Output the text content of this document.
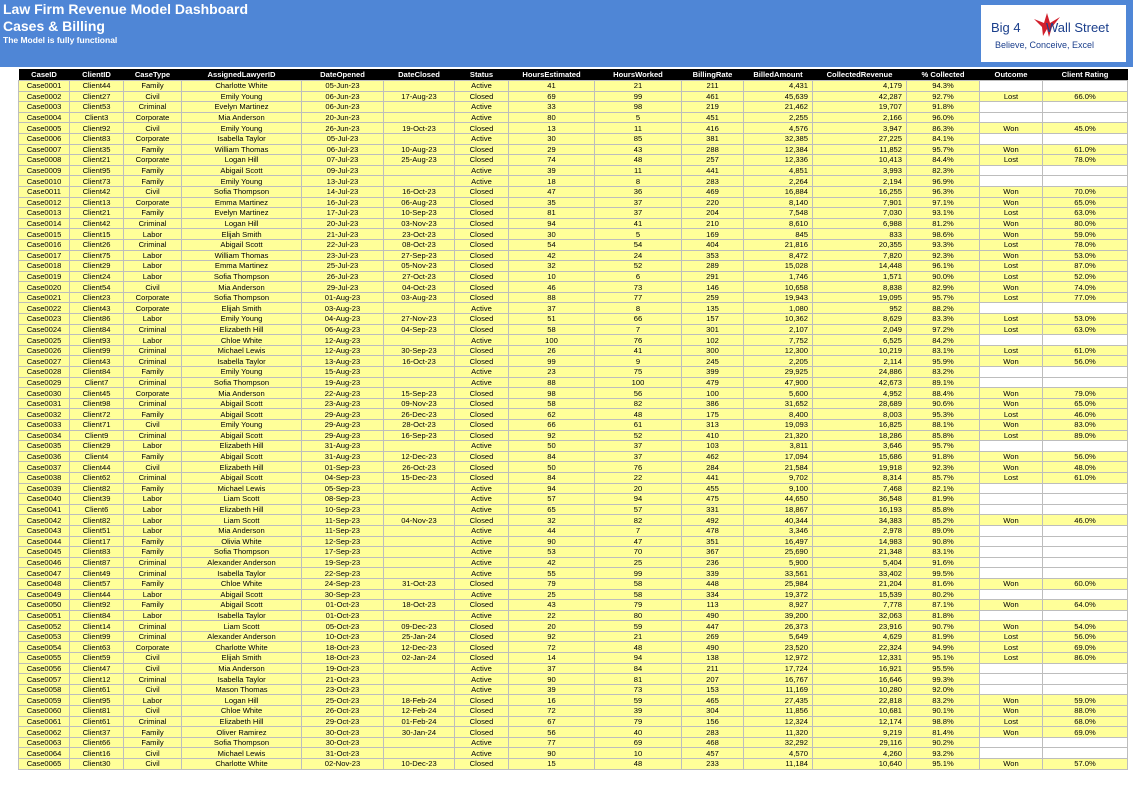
Law Firm Revenue Model Dashboard
Cases & Billing
The Model is fully functional
Big 4 Wall Street
Believe, Conceive, Excel
CaseID	ClientID	CaseType	AssignedLawyerID	DateOpened	DateClosed	Status	HoursEstimated	HoursWorked	BillingRate	BilledAmount	CollectedRevenue	% Collected	Outcome	Client Rating
Case0001	Client44	Family	Charlotte White	05-Jun-23		Active	41	21	211	4,431	4,179	94.3%		
Case0002	Client27	Civil	Emily Young	06-Jun-23	17-Aug-23	Closed	69	99	461	45,639	42,287	92.7%	Lost	66.0%
Case0003	Client53	Criminal	Evelyn Martinez	06-Jun-23		Active	33	98	219	21,462	19,707	91.8%		
Case0004	Client3	Corporate	Mia Anderson	20-Jun-23		Active	80	5	451	2,255	2,166	96.0%		
Case0005	Client92	Civil	Emily Young	26-Jun-23	19-Oct-23	Closed	13	11	416	4,576	3,947	86.3%	Won	45.0%
Case0006	Client83	Corporate	Isabella Taylor	05-Jul-23		Active	30	85	381	32,385	27,225	84.1%		
Case0007	Client35	Family	William Thomas	06-Jul-23	10-Aug-23	Closed	29	43	288	12,384	11,852	95.7%	Won	61.0%
Case0008	Client21	Corporate	Logan Hill	07-Jul-23	25-Aug-23	Closed	74	48	257	12,336	10,413	84.4%	Lost	78.0%
Case0009	Client95	Family	Abigail Scott	09-Jul-23		Active	39	11	441	4,851	3,993	82.3%		
Case0010	Client73	Family	Emily Young	13-Jul-23		Active	18	8	283	2,264	2,194	96.9%		
Case0011	Client42	Civil	Sofia Thompson	14-Jul-23	16-Oct-23	Closed	47	36	469	16,884	16,255	96.3%	Won	70.0%
Case0012	Client13	Corporate	Emma Martinez	16-Jul-23	06-Aug-23	Closed	35	37	220	8,140	7,901	97.1%	Won	65.0%
Case0013	Client21	Family	Evelyn Martinez	17-Jul-23	10-Sep-23	Closed	81	37	204	7,548	7,030	93.1%	Lost	63.0%
Case0014	Client42	Criminal	Logan Hill	20-Jul-23	03-Nov-23	Closed	94	41	210	8,610	6,988	81.2%	Won	80.0%
Case0015	Client15	Labor	Elijah Smith	21-Jul-23	23-Oct-23	Closed	30	5	169	845	833	98.6%	Won	59.0%
Case0016	Client26	Criminal	Abigail Scott	22-Jul-23	08-Oct-23	Closed	54	54	404	21,816	20,355	93.3%	Lost	78.0%
Case0017	Client75	Labor	William Thomas	23-Jul-23	27-Sep-23	Closed	42	24	353	8,472	7,820	92.3%	Won	53.0%
Case0018	Client29	Labor	Emma Martinez	25-Jul-23	05-Nov-23	Closed	32	52	289	15,028	14,448	96.1%	Lost	87.0%
Case0019	Client24	Labor	Sofia Thompson	26-Jul-23	27-Oct-23	Closed	10	6	291	1,746	1,571	90.0%	Lost	52.0%
Case0020	Client54	Civil	Mia Anderson	29-Jul-23	04-Oct-23	Closed	46	73	146	10,658	8,838	82.9%	Won	74.0%
Case0021	Client23	Corporate	Sofia Thompson	01-Aug-23	03-Aug-23	Closed	88	77	259	19,943	19,095	95.7%	Lost	77.0%
Case0022	Client43	Corporate	Elijah Smith	03-Aug-23		Active	37	8	135	1,080	952	88.2%		
Case0023	Client86	Labor	Emily Young	04-Aug-23	27-Nov-23	Closed	51	66	157	10,362	8,629	83.3%	Lost	53.0%
Case0024	Client84	Criminal	Elizabeth Hill	06-Aug-23	04-Sep-23	Closed	58	7	301	2,107	2,049	97.2%	Lost	63.0%
Case0025	Client93	Labor	Chloe White	12-Aug-23		Active	100	76	102	7,752	6,525	84.2%		
Case0026	Client99	Criminal	Michael Lewis	12-Aug-23	30-Sep-23	Closed	26	41	300	12,300	10,219	83.1%	Lost	61.0%
Case0027	Client43	Criminal	Isabella Taylor	13-Aug-23	16-Oct-23	Closed	99	9	245	2,205	2,114	95.9%	Won	56.0%
Case0028	Client84	Family	Emily Young	15-Aug-23		Active	23	75	399	29,925	24,886	83.2%		
Case0029	Client7	Criminal	Sofia Thompson	19-Aug-23		Active	88	100	479	47,900	42,673	89.1%		
Case0030	Client45	Corporate	Mia Anderson	22-Aug-23	15-Sep-23	Closed	98	56	100	5,600	4,952	88.4%	Won	79.0%
Case0031	Client98	Criminal	Abigail Scott	23-Aug-23	09-Nov-23	Closed	58	82	386	31,652	28,689	90.6%	Won	65.0%
Case0032	Client72	Family	Abigail Scott	29-Aug-23	26-Dec-23	Closed	62	48	175	8,400	8,003	95.3%	Lost	46.0%
Case0033	Client71	Civil	Emily Young	29-Aug-23	28-Oct-23	Closed	66	61	313	19,093	16,825	88.1%	Won	83.0%
Case0034	Client9	Criminal	Abigail Scott	29-Aug-23	16-Sep-23	Closed	92	52	410	21,320	18,286	85.8%	Lost	89.0%
Case0035	Client29	Labor	Elizabeth Hill	31-Aug-23		Active	50	37	103	3,811	3,646	95.7%		
Case0036	Client4	Family	Abigail Scott	31-Aug-23	12-Dec-23	Closed	84	37	462	17,094	15,686	91.8%	Won	56.0%
Case0037	Client44	Civil	Elizabeth Hill	01-Sep-23	26-Oct-23	Closed	50	76	284	21,584	19,918	92.3%	Won	48.0%
Case0038	Client62	Criminal	Abigail Scott	04-Sep-23	15-Dec-23	Closed	84	22	441	9,702	8,314	85.7%	Lost	61.0%
Case0039	Client82	Family	Michael Lewis	05-Sep-23		Active	94	20	455	9,100	7,468	82.1%		
Case0040	Client39	Labor	Liam Scott	08-Sep-23		Active	57	94	475	44,650	36,548	81.9%		
Case0041	Client6	Labor	Elizabeth Hill	10-Sep-23		Active	65	57	331	18,867	16,193	85.8%		
Case0042	Client82	Labor	Liam Scott	11-Sep-23	04-Nov-23	Closed	32	82	492	40,344	34,383	85.2%	Won	46.0%
Case0043	Client51	Labor	Mia Anderson	11-Sep-23		Active	44	7	478	3,346	2,978	89.0%		
Case0044	Client17	Family	Olivia White	12-Sep-23		Active	90	47	351	16,497	14,983	90.8%		
Case0045	Client83	Family	Sofia Thompson	17-Sep-23		Active	53	70	367	25,690	21,348	83.1%		
Case0046	Client87	Criminal	Alexander Anderson	19-Sep-23		Active	42	25	236	5,900	5,404	91.6%		
Case0047	Client49	Criminal	Isabella Taylor	22-Sep-23		Active	55	99	339	33,561	33,402	99.5%		
Case0048	Client57	Family	Chloe White	24-Sep-23	31-Oct-23	Closed	79	58	448	25,984	21,204	81.6%	Won	60.0%
Case0049	Client44	Labor	Abigail Scott	30-Sep-23		Active	25	58	334	19,372	15,539	80.2%		
Case0050	Client92	Family	Abigail Scott	01-Oct-23	18-Oct-23	Closed	43	79	113	8,927	7,778	87.1%	Won	64.0%
Case0051	Client84	Labor	Isabella Taylor	01-Oct-23		Active	22	80	490	39,200	32,063	81.8%		
Case0052	Client14	Criminal	Liam Scott	05-Oct-23	09-Dec-23	Closed	20	59	447	26,373	23,916	90.7%	Won	54.0%
Case0053	Client99	Criminal	Alexander Anderson	10-Oct-23	25-Jan-24	Closed	92	21	269	5,649	4,629	81.9%	Lost	56.0%
Case0054	Client63	Corporate	Charlotte White	18-Oct-23	12-Dec-23	Closed	72	48	490	23,520	22,324	94.9%	Lost	69.0%
Case0055	Client59	Civil	Elijah Smith	18-Oct-23	02-Jan-24	Closed	14	94	138	12,972	12,331	95.1%	Lost	86.0%
Case0056	Client47	Civil	Mia Anderson	19-Oct-23		Active	37	84	211	17,724	16,921	95.5%		
Case0057	Client12	Criminal	Isabella Taylor	21-Oct-23		Active	90	81	207	16,767	16,646	99.3%		
Case0058	Client61	Civil	Mason Thomas	23-Oct-23		Active	39	73	153	11,169	10,280	92.0%		
Case0059	Client95	Labor	Logan Hill	25-Oct-23	18-Feb-24	Closed	16	59	465	27,435	22,818	83.2%	Won	59.0%
Case0060	Client81	Civil	Chloe White	26-Oct-23	12-Feb-24	Closed	72	39	304	11,856	10,681	90.1%	Won	88.0%
Case0061	Client61	Criminal	Elizabeth Hill	29-Oct-23	01-Feb-24	Closed	67	79	156	12,324	12,174	98.8%	Lost	68.0%
Case0062	Client37	Family	Oliver Ramirez	30-Oct-23	30-Jan-24	Closed	56	40	283	11,320	9,219	81.4%	Won	69.0%
Case0063	Client66	Family	Sofia Thompson	30-Oct-23		Active	77	69	468	32,292	29,116	90.2%		
Case0064	Client16	Civil	Michael Lewis	31-Oct-23		Active	90	10	457	4,570	4,260	93.2%		
Case0065	Client30	Civil	Charlotte White	02-Nov-23	10-Dec-23	Closed	15	48	233	11,184	10,640	95.1%	Won	57.0%
